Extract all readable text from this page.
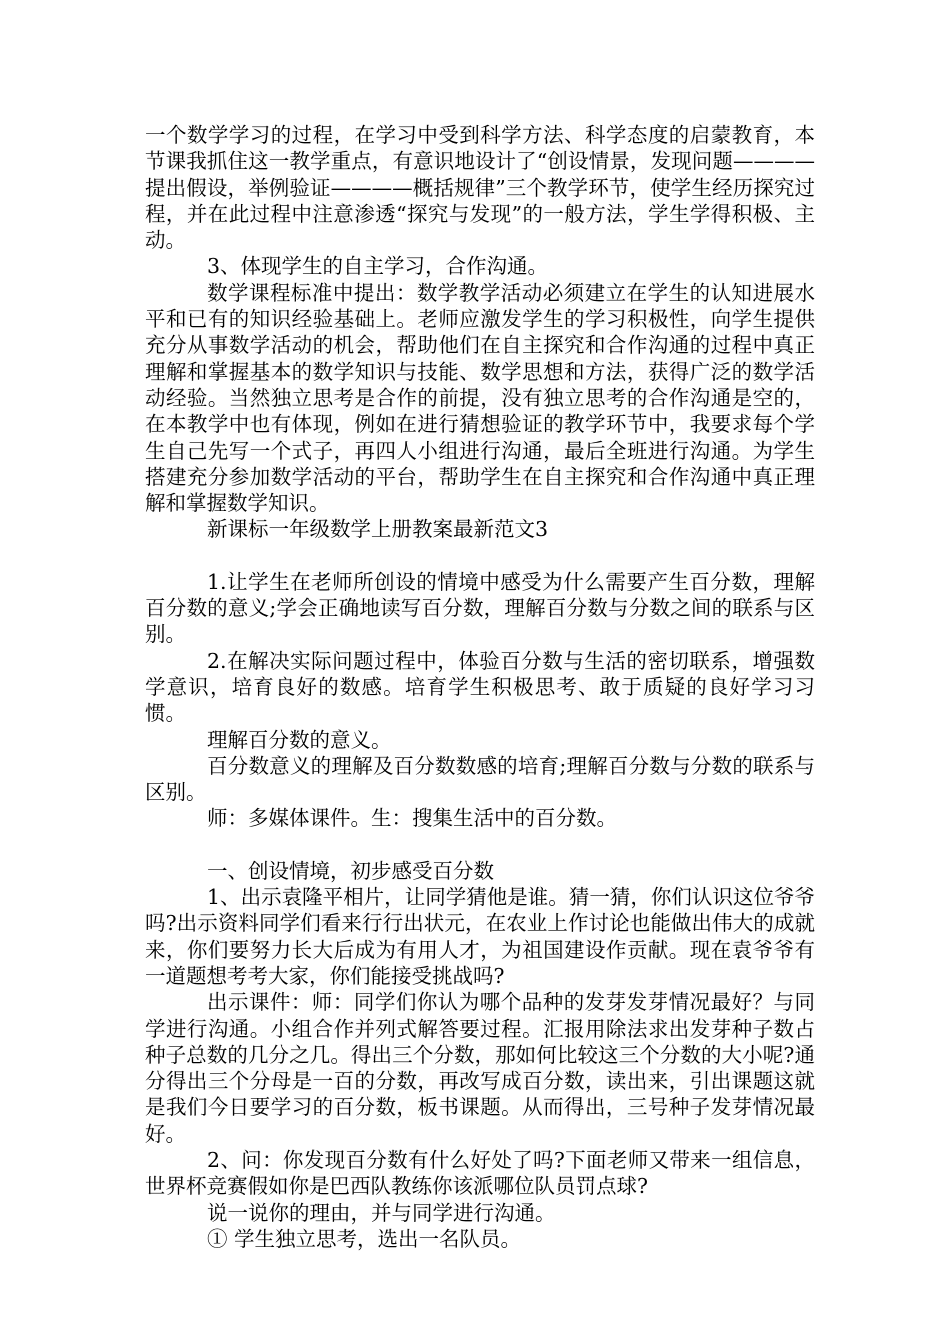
一个数学学习的过程，在学习中受到科学方法、科学态度的启蒙教育，本节课我抓住这一教学重点，有意识地设计了“创设情景，发现问题————提出假设，举例验证————概括规律”三个教学环节，使学生经历探究过程，并在此过程中注意渗透“探究与发现”的一般方法，学生学得积极、主动。

3、体现学生的自主学习，合作沟通。

数学课程标准中提出：数学教学活动必须建立在学生的认知进展水平和已有的知识经验基础上。老师应激发学生的学习积极性，向学生提供充分从事数学活动的机会，帮助他们在自主探究和合作沟通的过程中真正理解和掌握基本的数学知识与技能、数学思想和方法，获得广泛的数学活动经验。当然独立思考是合作的前提，没有独立思考的合作沟通是空的，在本教学中也有体现，例如在进行猜想验证的教学环节中，我要求每个学生自己先写一个式子，再四人小组进行沟通，最后全班进行沟通。为学生搭建充分参加数学活动的平台，帮助学生在自主探究和合作沟通中真正理解和掌握数学知识。

新课标一年级数学上册教案最新范文3

1.让学生在老师所创设的情境中感受为什么需要产生百分数，理解百分数的意义;学会正确地读写百分数，理解百分数与分数之间的联系与区别。

2.在解决实际问题过程中，体验百分数与生活的密切联系，增强数学意识，培育良好的数感。培育学生积极思考、敢于质疑的良好学习习惯。

理解百分数的意义。

百分数意义的理解及百分数数感的培育;理解百分数与分数的联系与区别。

师：多媒体课件。生：搜集生活中的百分数。

一、创设情境，初步感受百分数

1、出示袁隆平相片，让同学猜他是谁。猜一猜，你们认识这位爷爷吗?出示资料同学们看来行行出状元，在农业上作讨论也能做出伟大的成就来，你们要努力长大后成为有用人才，为祖国建设作贡献。现在袁爷爷有一道题想考考大家，你们能接受挑战吗?

出示课件：师：同学们你认为哪个品种的发芽发芽情况最好？与同学进行沟通。小组合作并列式解答要过程。汇报用除法求出发芽种子数占种子总数的几分之几。得出三个分数，那如何比较这三个分数的大小呢?通分得出三个分母是一百的分数，再改写成百分数，读出来，引出课题这就是我们今日要学习的百分数，板书课题。从而得出，三号种子发芽情况最好。

2、问：你发现百分数有什么好处了吗?下面老师又带来一组信息，世界杯竞赛假如你是巴西队教练你该派哪位队员罚点球?

说一说你的理由，并与同学进行沟通。

① 学生独立思考，选出一名队员。
